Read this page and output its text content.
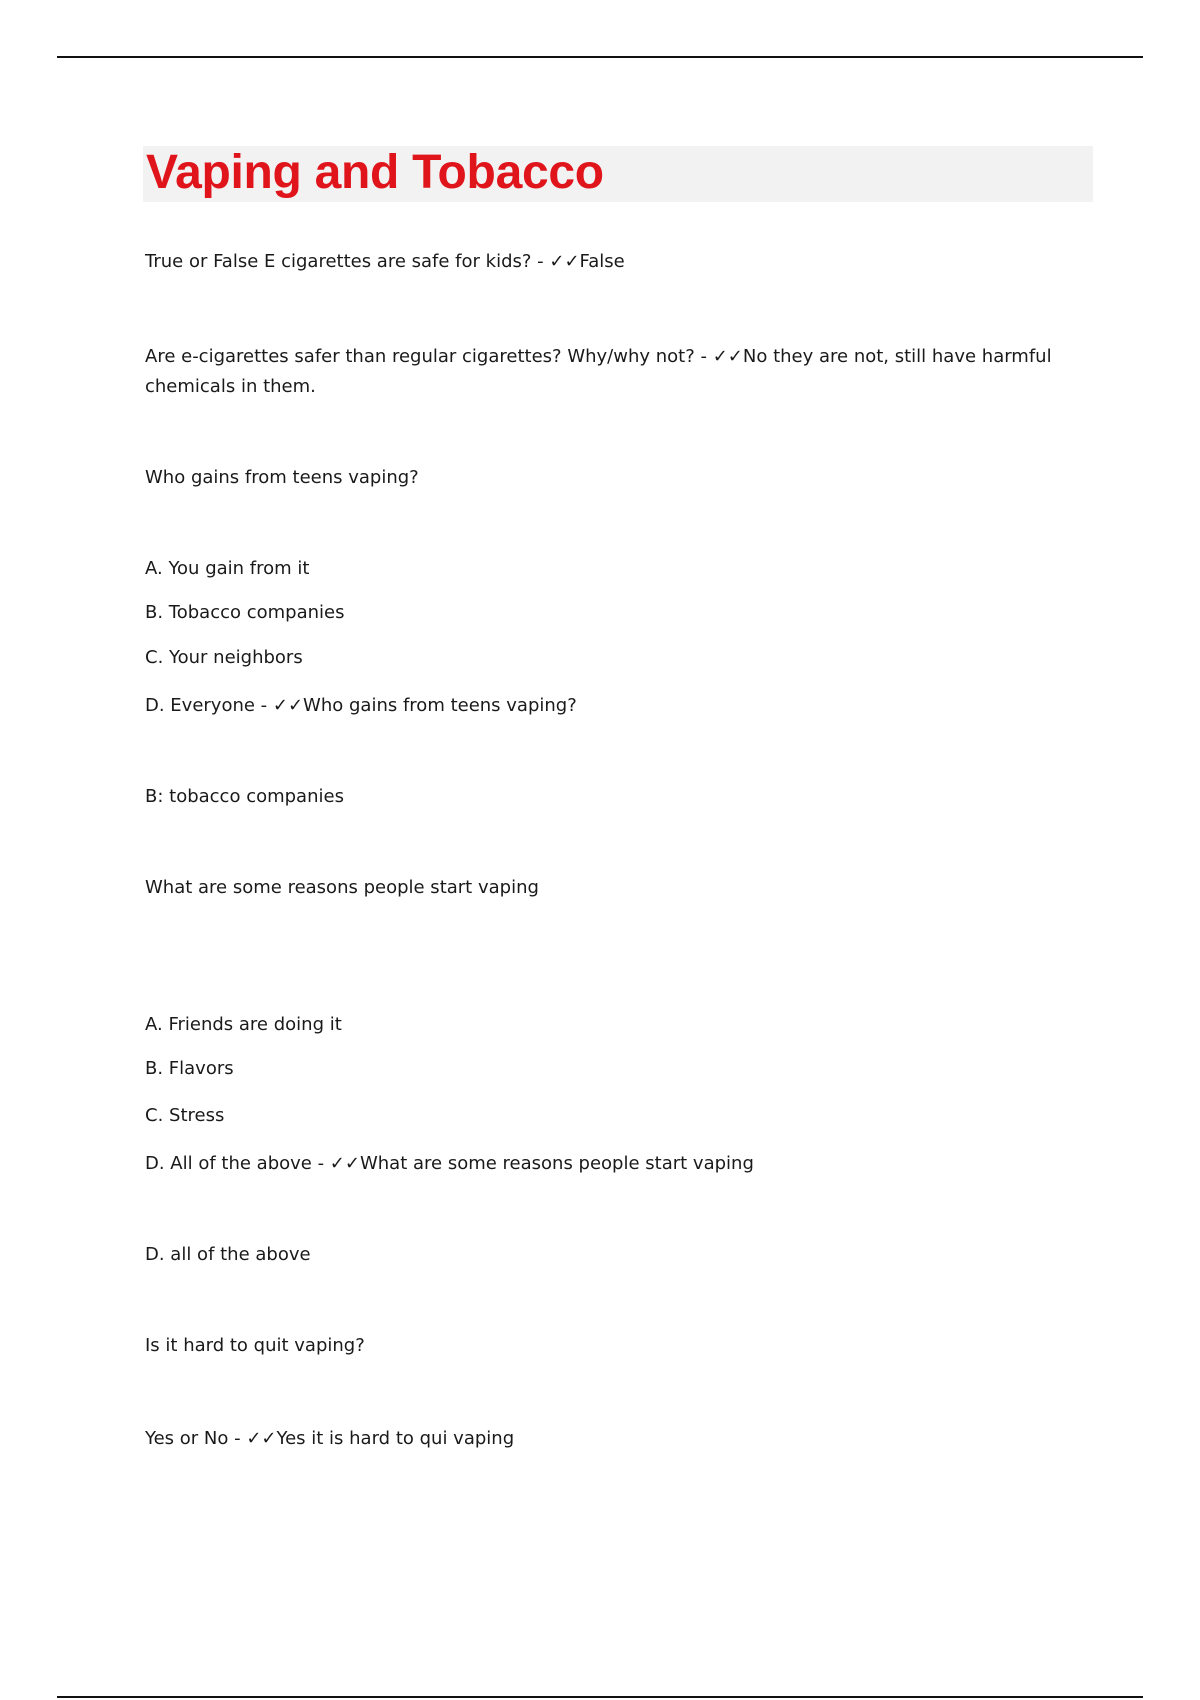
Vaping and Tobacco

True or False E cigarettes are safe for kids? - ✓✓False

Are e-cigarettes safer than regular cigarettes? Why/why not? - ✓✓No they are not, still have harmful chemicals in them.

Who gains from teens vaping?

A. You gain from it

B. Tobacco companies

C. Your neighbors

D. Everyone - ✓✓Who gains from teens vaping?

B: tobacco companies

What are some reasons people start vaping

A. Friends are doing it

B. Flavors

C. Stress

D. All of the above - ✓✓What are some reasons people start vaping

D. all of the above

Is it hard to quit vaping?

Yes or No - ✓✓Yes it is hard to qui vaping
